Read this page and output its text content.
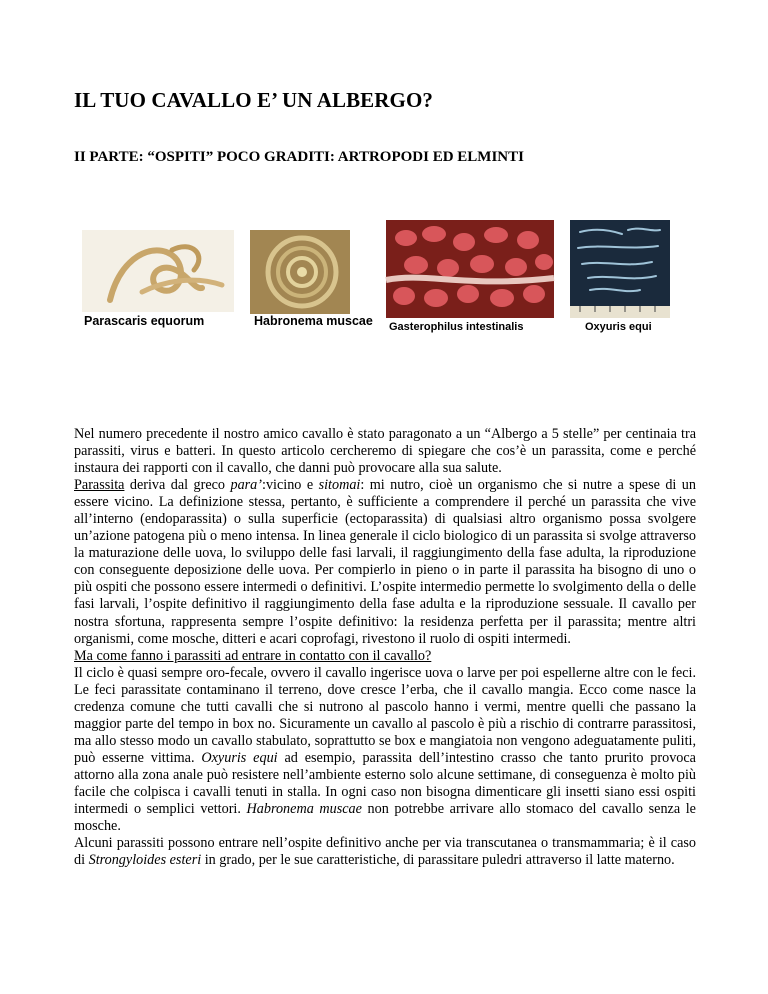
IL TUO CAVALLO E’ UN ALBERGO?
II PARTE: “OSPITI” POCO GRADITI: ARTROPODI ED ELMINTI
Parascaris equorum	Habronema muscae Gasterophilus intestinalis	Oxyuris equi

Nel numero precedente il nostro amico cavallo è stato paragonato a un “Albergo a 5 stelle” per centinaia tra parassiti, virus e batteri. In questo articolo cercheremo di spiegare che cos’è un parassita, come e perché instaura dei rapporti con il cavallo, che danni può provocare alla sua salute.

Parassita deriva dal greco para’:vicino e sitomai: mi nutro, cioè un organismo che si nutre a spese di un essere vicino. La definizione stessa, pertanto, è sufficiente a comprendere il perché un parassita che vive all’interno (endoparassita) o sulla superficie (ectoparassita) di qualsiasi altro organismo possa svolgere un’azione patogena più o meno intensa. In linea generale il ciclo biologico di un parassita si svolge attraverso la maturazione delle uova, lo sviluppo delle fasi larvali, il raggiungimento della fase adulta, la riproduzione con conseguente deposizione delle uova. Per compierlo in pieno o in parte il parassita ha bisogno di uno o più ospiti che possono essere intermedi o definitivi. L’ospite intermedio permette lo svolgimento della o delle fasi larvali, l’ospite definitivo il raggiungimento della fase adulta e la riproduzione sessuale. Il cavallo per nostra sfortuna, rappresenta sempre l’ospite definitivo: la residenza perfetta per il parassita; mentre altri organismi, come mosche, ditteri e acari coprofagi, rivestono il ruolo di ospiti intermedi.

Ma come fanno i parassiti ad entrare in contatto con il cavallo?

Il ciclo è quasi sempre oro-fecale, ovvero il cavallo ingerisce uova o larve per poi espellerne altre con le feci. Le feci parassitate contaminano il terreno, dove cresce l’erba, che il cavallo mangia. Ecco come nasce la credenza comune che tutti cavalli che si nutrono al pascolo hanno i vermi, mentre quelli che passano la maggior parte del tempo in box no. Sicuramente un cavallo al pascolo è più a rischio di contrarre parassitosi, ma allo stesso modo un cavallo stabulato, soprattutto se box e mangiatoia non vengono adeguatamente puliti, può esserne vittima. Oxyuris equi ad esempio, parassita dell’intestino crasso che tanto prurito provoca attorno alla zona anale può resistere nell’ambiente esterno solo alcune settimane, di conseguenza è molto più facile che colpisca i cavalli tenuti in stalla. In ogni caso non bisogna dimenticare gli insetti siano essi ospiti intermedi o semplici vettori. Habronema muscae non potrebbe arrivare allo stomaco del cavallo senza le mosche.

Alcuni parassiti possono entrare nell’ospite definitivo anche per via transcutanea o transmammaria; è il caso di Strongyloides esteri in grado, per le sue caratteristiche, di parassitare puledri attraverso il latte materno.
